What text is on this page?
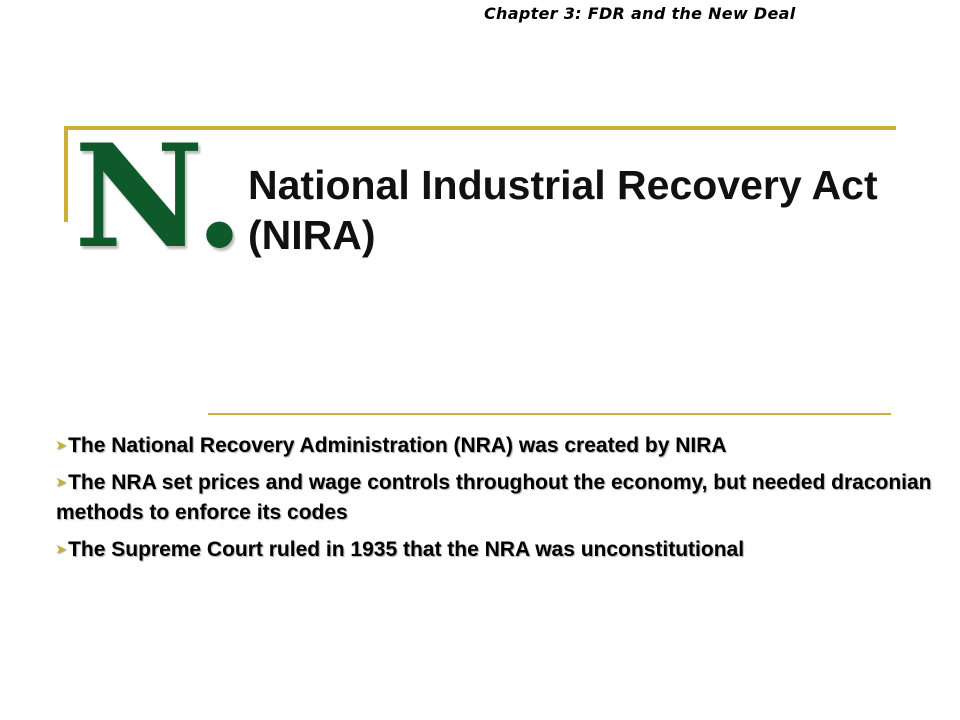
Chapter 3: FDR and the New Deal
N. National Industrial Recovery Act (NIRA)
➤The National Recovery Administration (NRA) was created by NIRA
➤The NRA set prices and wage controls throughout the economy, but needed draconian methods to enforce its codes
➤The Supreme Court ruled in 1935 that the NRA was unconstitutional
